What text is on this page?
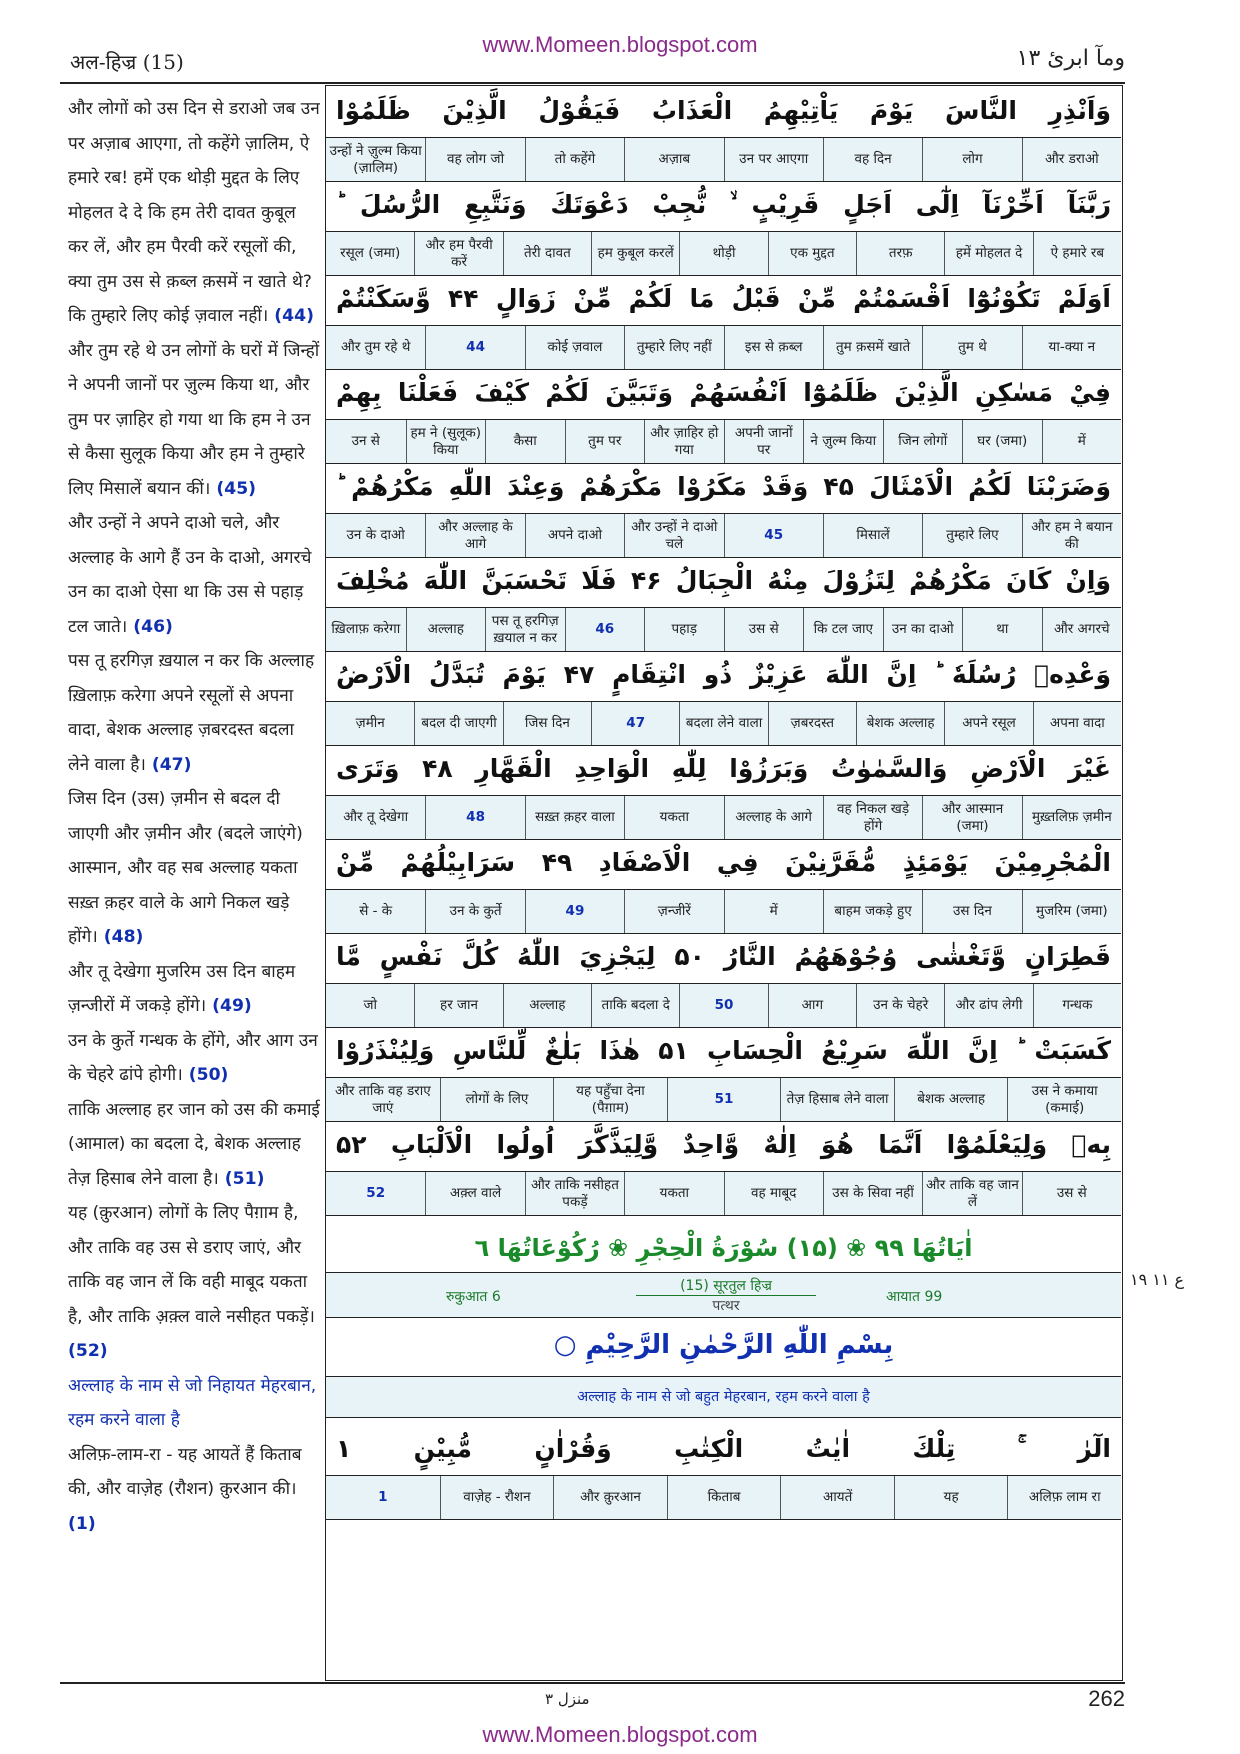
www.Momeen.blogspot.com
अल-हिज्र (15)	ومآ ابرئ ١٣

और लोगों को उस दिन से डराओ जब उन पर अज़ाब आएगा, तो कहेंगे ज़ालिम, ऐ हमारे रब! हमें एक थोड़ी मुद्दत के लिए मोहलत दे दे कि हम तेरी दावत कुबूल कर लें, और हम पैरवी करें रसूलों की, क्या तुम उस से क़ब्ल क़समें न खाते थे? कि तुम्हारे लिए कोई ज़वाल नहीं। (44)

और तुम रहे थे उन लोगों के घरों में जिन्हों ने अपनी जानों पर ज़ुल्म किया था, और तुम पर ज़ाहिर हो गया था कि हम ने उन से कैसा सुलूक किया और हम ने तुम्हारे लिए मिसालें बयान कीं। (45)

और उन्हों ने अपने दाओ चले, और अल्लाह के आगे हैं उन के दाओ, अगरचे उन का दाओ ऐसा था कि उस से पहाड़ टल जाते। (46)

पस तू हरगिज़ ख़याल न कर कि अल्लाह ख़िलाफ़ करेगा अपने रसूलों से अपना वादा, बेशक अल्लाह ज़बरदस्त बदला लेने वाला है। (47)

जिस दिन (उस) ज़मीन से बदल दी जाएगी और ज़मीन और (बदले जाएंगे) आस्मान, और वह सब अल्लाह यकता सख़्त क़हर वाले के आगे निकल खड़े होंगे। (48)

और तू देखेगा मुजरिम उस दिन बाहम ज़न्जीरों में जकड़े होंगे। (49)

उन के कुर्ते गन्धक के होंगे, और आग उन के चेहरे ढांपे होगी। (50)

ताकि अल्लाह हर जान को उस की कमाई (आमाल) का बदला दे, बेशक अल्लाह तेज़ हिसाब लेने वाला है। (51)

यह (क़ुरआन) लोगों के लिए पैग़ाम है, और ताकि वह उस से डराए जाएं, और ताकि वह जान लें कि वही माबूद यकता है, और ताकि अ़क़्ल वाले नसीहत पकड़ें। (52)

अल्लाह के नाम से जो निहायत मेहरबान, रहम करने वाला है

अलिफ़-लाम-रा - यह आयतें हैं किताब की, और वाज़ेह (रौशन) क़ुरआन की। (1)

اٰيَاتُهَا ۹۹ ❀ (۱۵) سُوْرَةُ الْحِجْرِ ❀ رُكُوْعَاتُهَا ٦
रुकुआत 6
(15) सूरतुल हिज्र
पत्थर
आयात 99
بِسْمِ اللّٰهِ الرَّحْمٰنِ الرَّحِيْمِ ○
अल्लाह के नाम से जो बहुत मेहरबान, रहम करने वाला है
وَاَنْذِرِ النَّاسَ يَوْمَ يَاْتِيْهِمُ الْعَذَابُ فَيَقُوْلُ الَّذِيْنَ ظَلَمُوْا
और डराओ
लोग
वह दिन
उन पर आएगा
अज़ाब
तो कहेंगे
वह लोग जो
उन्हों ने ज़ुल्म किया (ज़ालिम)
رَبَّنَآ اَخِّرْنَآ اِلٰٓى اَجَلٍ قَرِيْبٍ ۙ نُّجِبْ دَعْوَتَكَ وَنَتَّبِعِ الرُّسُلَ ؕ
ऐ हमारे रब
हमें मोहलत दे
तरफ़
एक मुद्दत
थोड़ी
हम कुबूल करलें
तेरी दावत
और हम पैरवी करें
रसूल (जमा)
اَوَلَمْ تَكُوْنُوْٓا اَقْسَمْتُمْ مِّنْ قَبْلُ مَا لَكُمْ مِّنْ زَوَالٍ ۴۴ وَّسَكَنْتُمْ
या-क्या न
तुम थे
तुम क़समें खाते
इस से क़ब्ल
तुम्हारे लिए नहीं
कोई ज़वाल
44
और तुम रहे थे
فِيْ مَسٰكِنِ الَّذِيْنَ ظَلَمُوْٓا اَنْفُسَهُمْ وَتَبَيَّنَ لَكُمْ كَيْفَ فَعَلْنَا بِهِمْ
में
घर (जमा)
जिन लोगों
ने ज़ुल्म किया
अपनी जानों पर
और ज़ाहिर हो गया
तुम पर
कैसा
हम ने (सुलूक) किया
उन से
وَضَرَبْنَا لَكُمُ الْاَمْثَالَ ۴۵ وَقَدْ مَكَرُوْا مَكْرَهُمْ وَعِنْدَ اللّٰهِ مَكْرُهُمْ ؕ
और हम ने बयान की
तुम्हारे लिए
मिसालें
45
और उन्हों ने दाओ चले
अपने दाओ
और अल्लाह के आगे
उन के दाओ
وَاِنْ كَانَ مَكْرُهُمْ لِتَزُوْلَ مِنْهُ الْجِبَالُ ۴۶ فَلَا تَحْسَبَنَّ اللّٰهَ مُخْلِفَ
और अगरचे
था
उन का दाओ
कि टल जाए
उस से
पहाड़
46
पस तू हरगिज़ ख़याल न कर
अल्लाह
ख़िलाफ़ करेगा
وَعْدِهٖ رُسُلَهٗ ؕ اِنَّ اللّٰهَ عَزِيْزٌ ذُو انْتِقَامٍ ۴۷ يَوْمَ تُبَدَّلُ الْاَرْضُ
अपना वादा
अपने रसूल
बेशक अल्लाह
ज़बरदस्त
बदला लेने वाला
47
जिस दिन
बदल दी जाएगी
ज़मीन
غَيْرَ الْاَرْضِ وَالسَّمٰوٰتُ وَبَرَزُوْا لِلّٰهِ الْوَاحِدِ الْقَهَّارِ ۴۸ وَتَرَى
मुख़्तलिफ़ ज़मीन
और आस्मान (जमा)
वह निकल खड़े होंगे
अल्लाह के आगे
यकता
सख़्त क़हर वाला
48
और तू देखेगा
الْمُجْرِمِيْنَ يَوْمَئِذٍ مُّقَرَّنِيْنَ فِي الْاَصْفَادِ ۴۹ سَرَابِيْلُهُمْ مِّنْ
मुजरिम (जमा)
उस दिन
बाहम जकड़े हुए
में
ज़न्जीरें
49
उन के कुर्ते
से - के
قَطِرَانٍ وَّتَغْشٰى وُجُوْهَهُمُ النَّارُ ۵۰ لِيَجْزِيَ اللّٰهُ كُلَّ نَفْسٍ مَّا
गन्धक
और ढांप लेगी
उन के चेहरे
आग
50
ताकि बदला दे
अल्लाह
हर जान
जो
كَسَبَتْ ؕ اِنَّ اللّٰهَ سَرِيْعُ الْحِسَابِ ۵۱ هٰذَا بَلٰغٌ لِّلنَّاسِ وَلِيُنْذَرُوْا
उस ने कमाया (कमाई)
बेशक अल्लाह
तेज़ हिसाब लेने वाला
51
यह पहुँचा देना (पैग़ाम)
लोगों के लिए
और ताकि वह डराए जाएं
بِهٖ وَلِيَعْلَمُوْٓا اَنَّمَا هُوَ اِلٰهٌ وَّاحِدٌ وَّلِيَذَّكَّرَ اُولُوا الْاَلْبَابِ ۵۲
उस से
और ताकि वह जान लें
उस के सिवा नहीं
वह माबूद
यकता
और ताकि नसीहत पकड़ें
अक़्ल वाले
52
الٓرٰ ۚ تِلْكَ اٰيٰتُ الْكِتٰبِ وَقُرْاٰنٍ مُّبِيْنٍ ۱
अलिफ़ लाम रा
यह
आयतें
किताब
और क़ुरआन
वाज़ेह - रौशन
1
ع ١١ ١٩
منزل ٣	262
www.Momeen.blogspot.com
